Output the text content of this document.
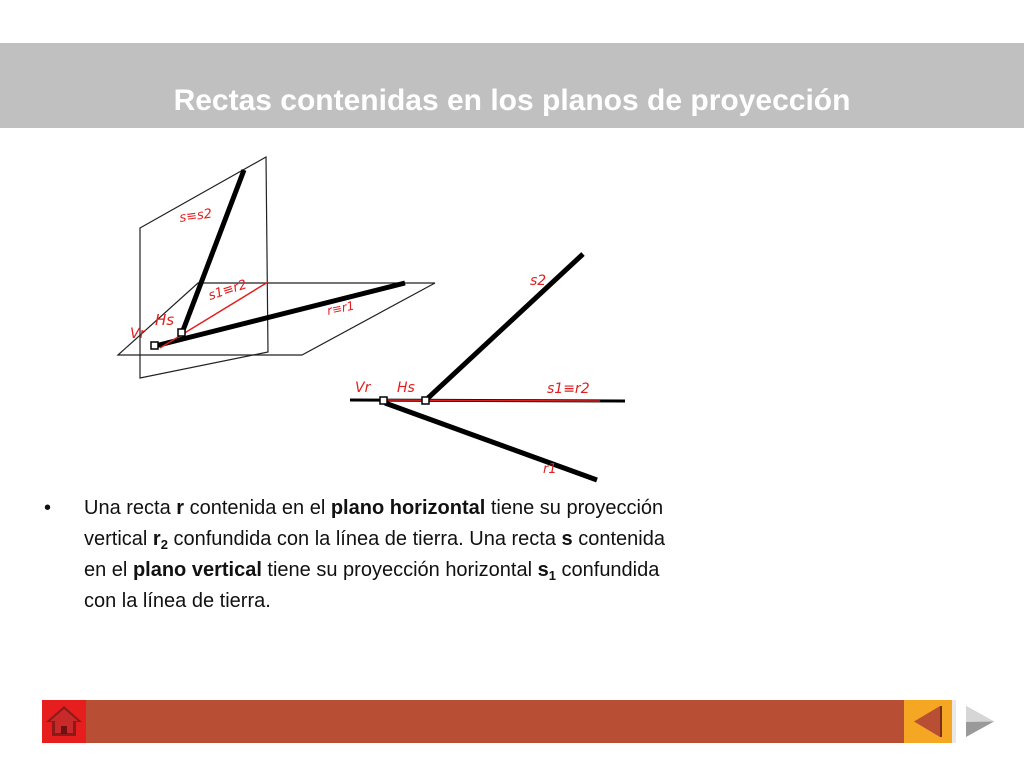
Rectas contenidas en los planos de proyección
s≡s2
s1≡r2
r≡r1
Vr
Hs
s2
Vr Hs	s1≡r2
r1
• Una recta r contenida en el plano horizontal tiene su proyección vertical $r_2$ confundida con la línea de tierra. Una recta s contenida en el plano vertical tiene su proyección horizontal $s_1$ confundida con la línea de tierra.
